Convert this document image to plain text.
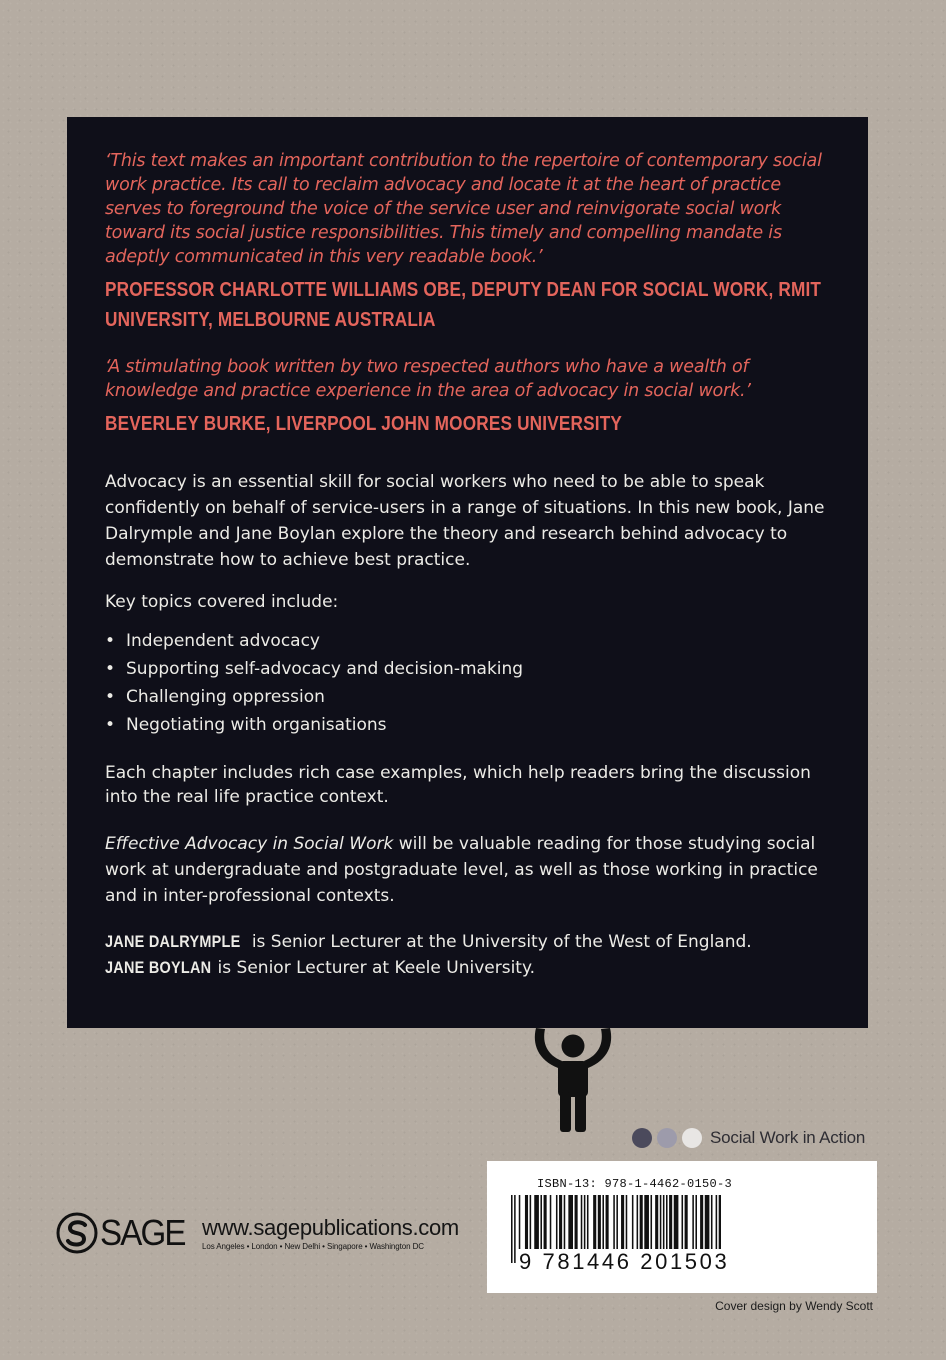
‘This text makes an important contribution to the repertoire of contemporary social work practice. Its call to reclaim advocacy and locate it at the heart of practice serves to foreground the voice of the service user and reinvigorate social work toward its social justice responsibilities. This timely and compelling mandate is adeptly communicated in this very readable book.’

PROFESSOR CHARLOTTE WILLIAMS OBE, DEPUTY DEAN FOR SOCIAL WORK, RMIT UNIVERSITY, MELBOURNE AUSTRALIA

‘A stimulating book written by two respected authors who have a wealth of knowledge and practice experience in the area of advocacy in social work.’

BEVERLEY BURKE, LIVERPOOL JOHN MOORES UNIVERSITY

Advocacy is an essential skill for social workers who need to be able to speak confidently on behalf of service-users in a range of situations. In this new book, Jane Dalrymple and Jane Boylan explore the theory and research behind advocacy to demonstrate how to achieve best practice.

Key topics covered include:

• Independent advocacy
• Supporting self-advocacy and decision-making
• Challenging oppression
• Negotiating with organisations

Each chapter includes rich case examples, which help readers bring the discussion into the real life practice context.

Effective Advocacy in Social Work will be valuable reading for those studying social work at undergraduate and postgraduate level, as well as those working in practice and in inter-professional contexts.

JANE DALRYMPLE is Senior Lecturer at the University of the West of England.
JANE BOYLAN is Senior Lecturer at Keele University.

Social Work in Action
ISBN-13: 978-1-4462-0150-3
9 781446 201503
SAGE www.sagepublications.com
Los Angeles • London • New Delhi • Singapore • Washington DC
Cover design by Wendy Scott
